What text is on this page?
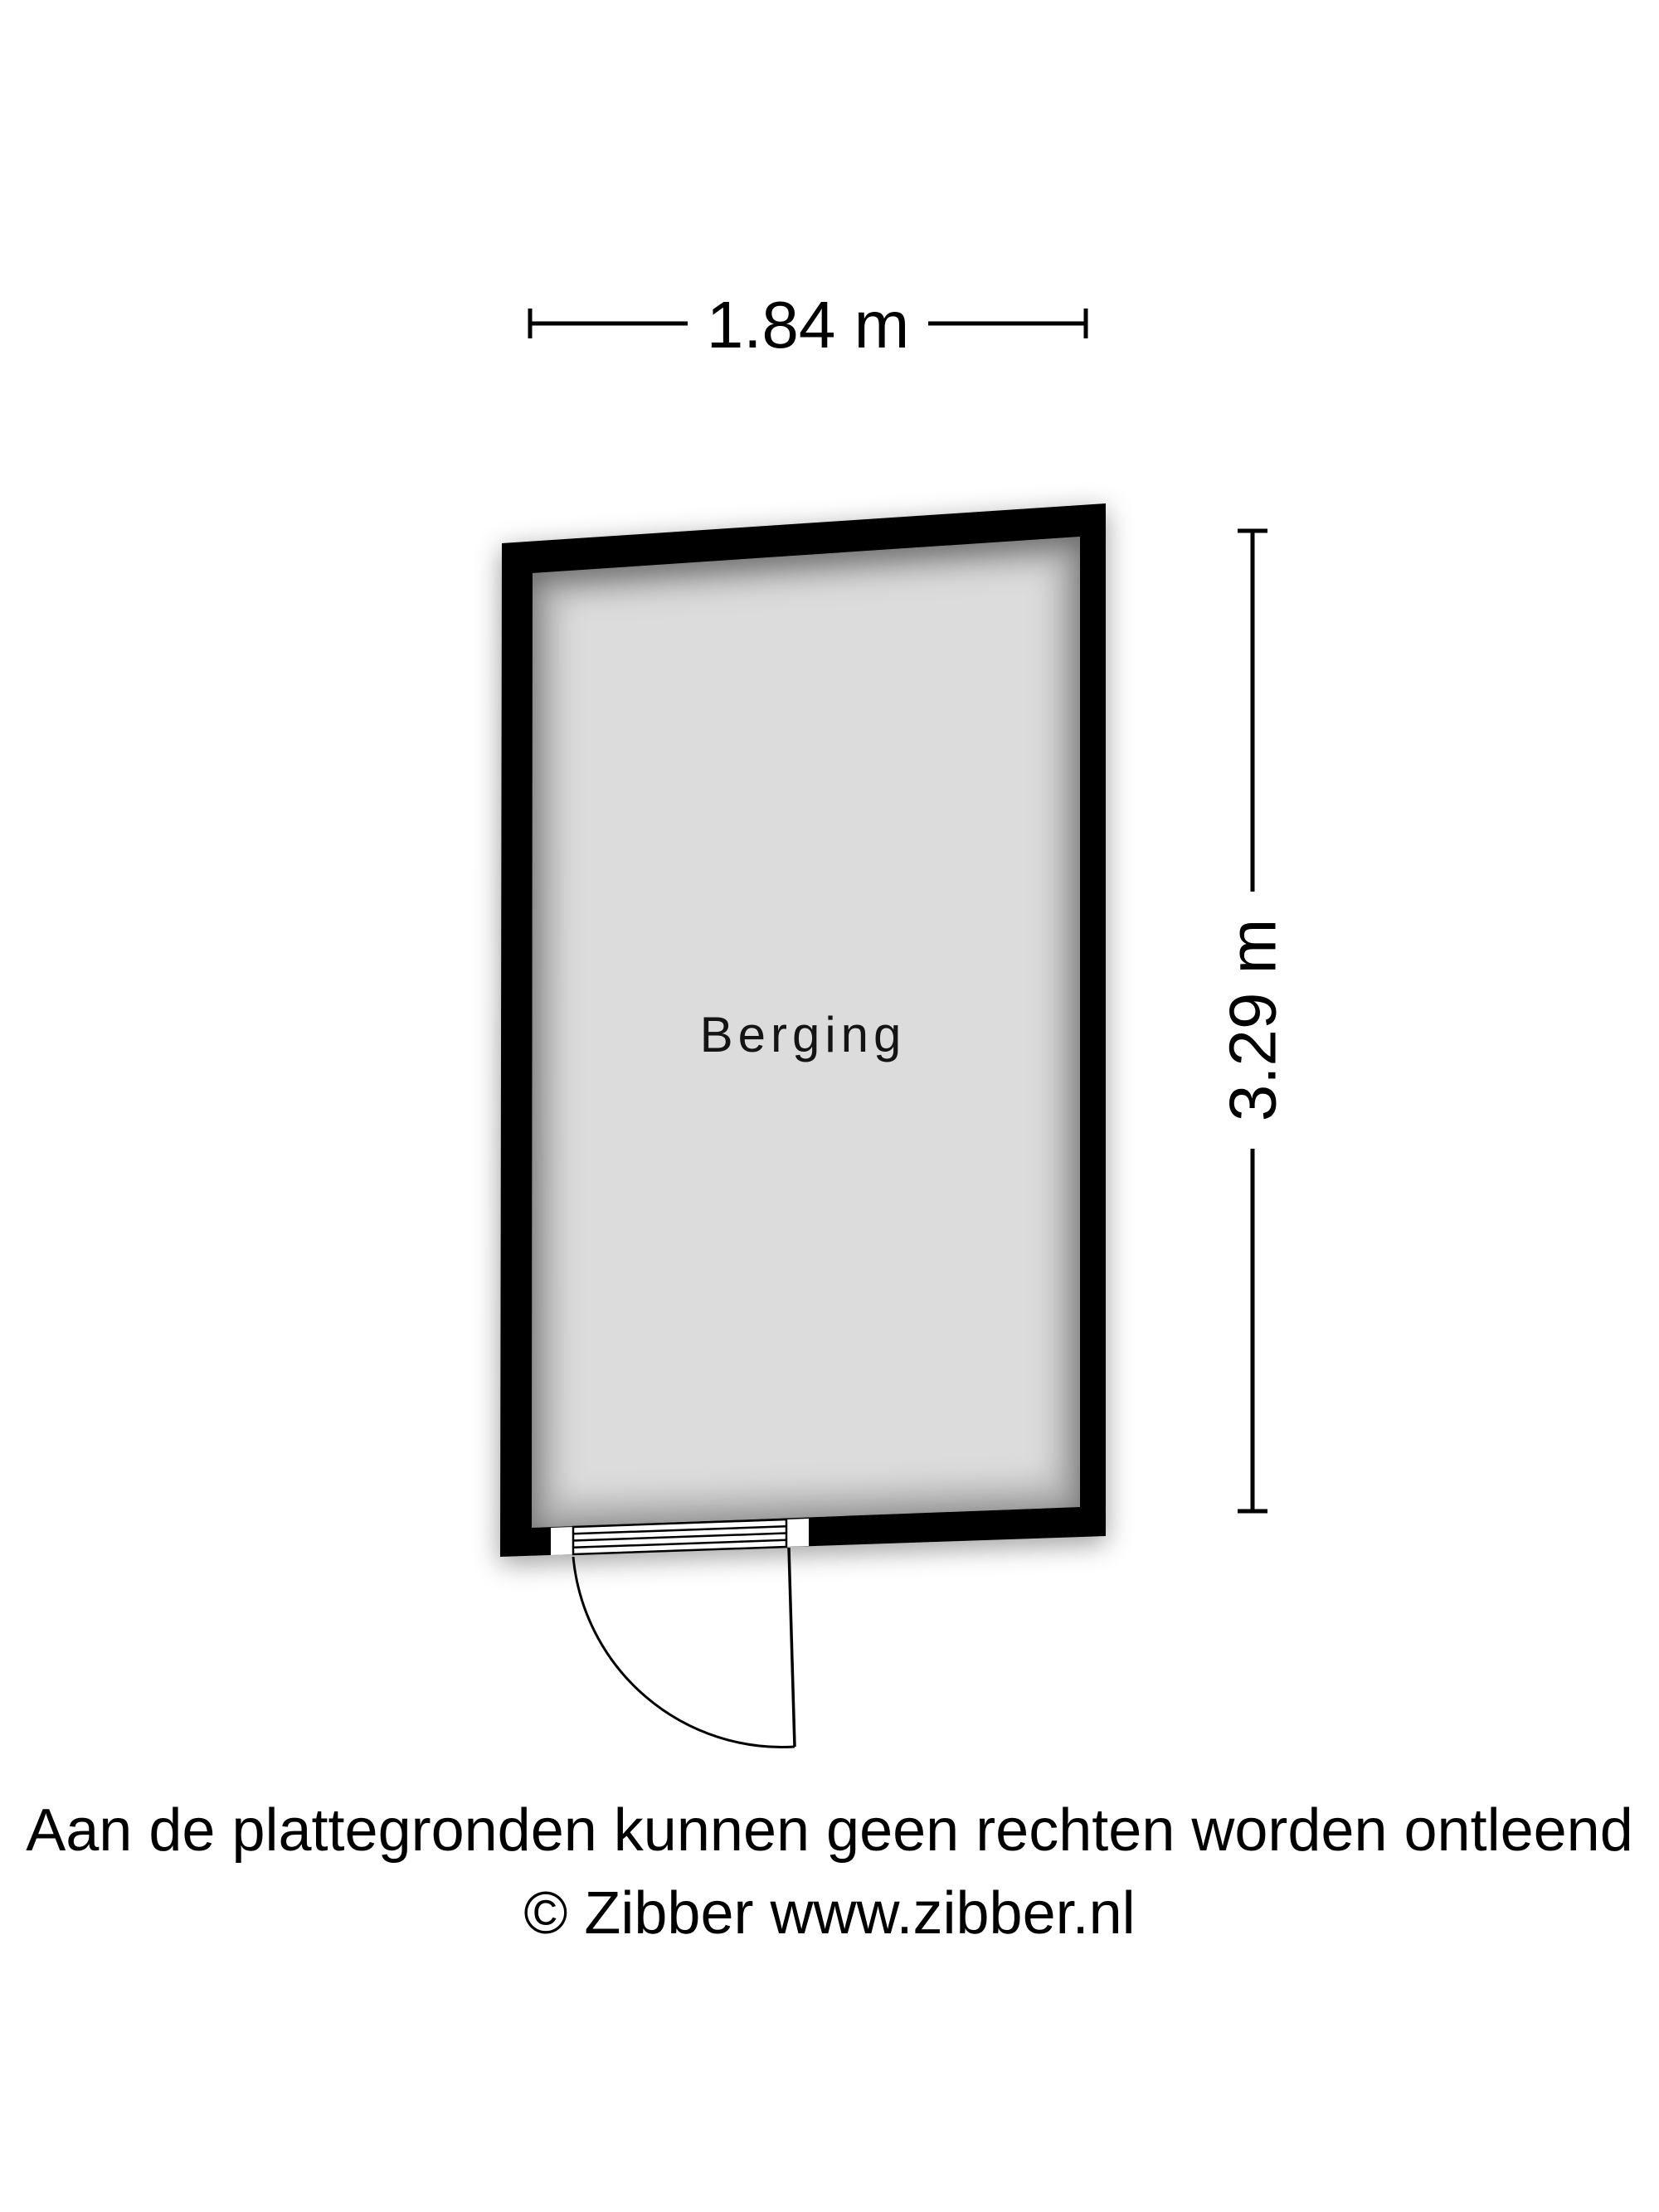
Berging
1.84 m
3.29 m
Aan de plattegronden kunnen geen rechten worden ontleend
© Zibber www.zibber.nl
